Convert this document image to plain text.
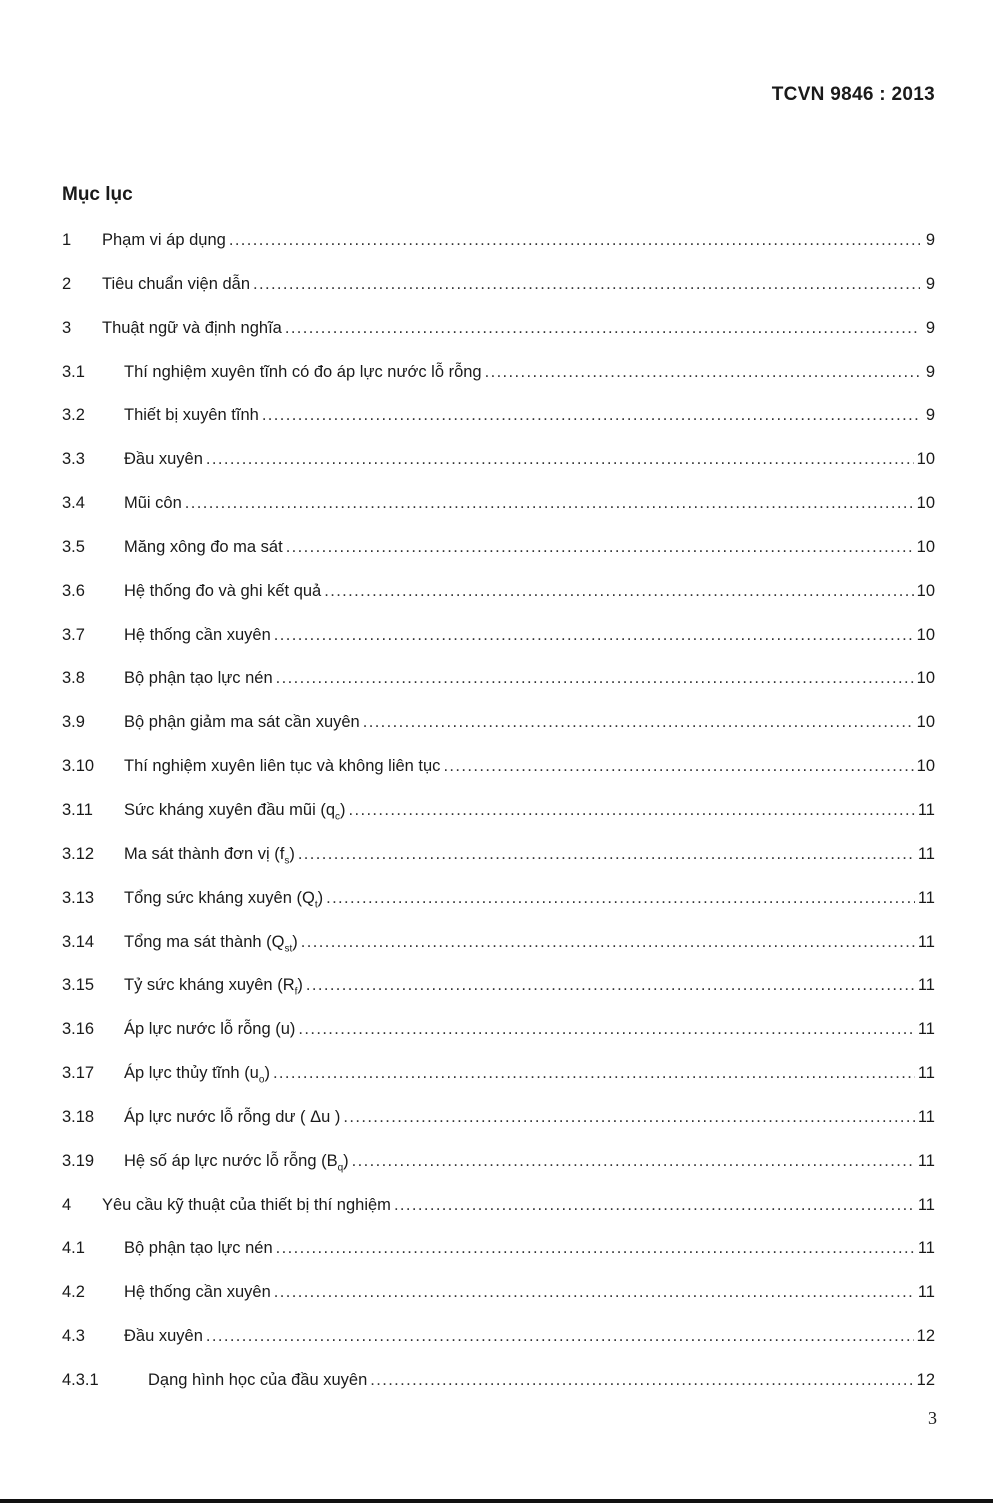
TCVN 9846 : 2013
Mục lục
1	Phạm vi áp dụng .....	9
2	Tiêu chuẩn viện dẫn .....	9
3	Thuật ngữ và định nghĩa .....	9
3.1	Thí nghiệm xuyên tĩnh có đo áp lực nước lỗ rỗng .....	9
3.2	Thiết bị xuyên tĩnh .....	9
3.3	Đầu xuyên .....	10
3.4	Mũi côn .....	10
3.5	Măng xông đo ma sát .....	10
3.6	Hệ thống đo và ghi kết quả .....	10
3.7	Hệ thống cần xuyên .....	10
3.8	Bộ phận tạo lực nén .....	10
3.9	Bộ phận giảm ma sát cần xuyên .....	10
3.10	Thí nghiệm xuyên liên tục và không liên tục .....	10
3.11	Sức kháng xuyên đầu mũi $(q_c)$ .....	11
3.12	Ma sát thành đơn vị $(f_s)$ .....	11
3.13	Tổng sức kháng xuyên $(Q_t)$ .....	11
3.14	Tổng ma sát thành $(Q_{st})$ .....	11
3.15	Tỷ sức kháng xuyên $(R_f)$ .....	11
3.16	Áp lực nước lỗ rỗng (u) .....	11
3.17	Áp lực thủy tĩnh $(u_o)$ .....	11
3.18	Áp lực nước lỗ rỗng dư ( Δu ) .....	11
3.19	Hệ số áp lực nước lỗ rỗng $(B_q)$ .....	11
4	Yêu cầu kỹ thuật của thiết bị thí nghiệm .....	11
4.1	Bộ phận tạo lực nén .....	11
4.2	Hệ thống cần xuyên .....	11
4.3	Đầu xuyên .....	12
4.3.1	Dạng hình học của đầu xuyên .....	12
3
